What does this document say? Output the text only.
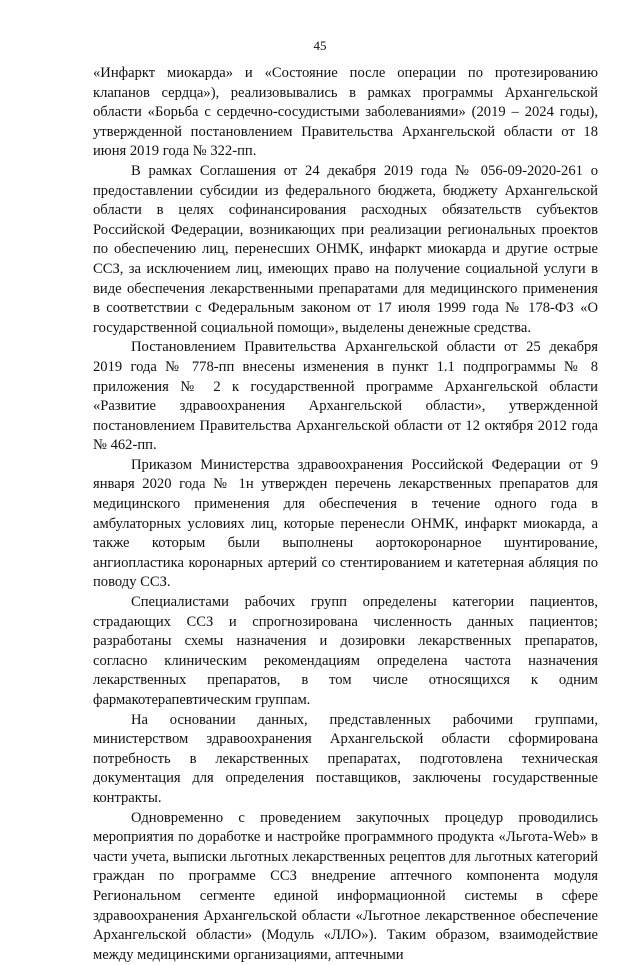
45

«Инфаркт миокарда» и «Состояние после операции по протезированию клапанов сердца»), реализовывались в рамках программы Архангельской области «Борьба с сердечно-сосудистыми заболеваниями» (2019 – 2024 годы), утвержденной постановлением Правительства Архангельской области от 18 июня 2019 года № 322-пп.

В рамках Соглашения от 24 декабря 2019 года № 056-09-2020-261 о предоставлении субсидии из федерального бюджета, бюджету Архангельской области в целях софинансирования расходных обязательств субъектов Российской Федерации, возникающих при реализации региональных проектов по обеспечению лиц, перенесших ОНМК, инфаркт миокарда и другие острые ССЗ, за исключением лиц, имеющих право на получение социальной услуги в виде обеспечения лекарственными препаратами для медицинского применения в соответствии с Федеральным законом от 17 июля 1999 года № 178-ФЗ «О государственной социальной помощи», выделены денежные средства.

Постановлением Правительства Архангельской области от 25 декабря 2019 года № 778-пп внесены изменения в пункт 1.1 подпрограммы № 8 приложения № 2 к государственной программе Архангельской области «Развитие здравоохранения Архангельской области», утвержденной постановлением Правительства Архангельской области от 12 октября 2012 года № 462-пп.

Приказом Министерства здравоохранения Российской Федерации от 9 января 2020 года № 1н утвержден перечень лекарственных препаратов для медицинского применения для обеспечения в течение одного года в амбулаторных условиях лиц, которые перенесли ОНМК, инфаркт миокарда, а также которым были выполнены аортокоронарное шунтирование, ангиопластика коронарных артерий со стентированием и катетерная абляция по поводу ССЗ.

Специалистами рабочих групп определены категории пациентов, страдающих ССЗ и спрогнозирована численность данных пациентов; разработаны схемы назначения и дозировки лекарственных препаратов, согласно клиническим рекомендациям определена частота назначения лекарственных препаратов, в том числе относящихся к одним фармакотерапевтическим группам.

На основании данных, представленных рабочими группами, министерством здравоохранения Архангельской области сформирована потребность в лекарственных препаратах, подготовлена техническая документация для определения поставщиков, заключены государственные контракты.

Одновременно с проведением закупочных процедур проводились мероприятия по доработке и настройке программного продукта «Льгота-Web» в части учета, выписки льготных лекарственных рецептов для льготных категорий граждан по программе ССЗ внедрение аптечного компонента модуля Региональном сегменте единой информационной системы в сфере здравоохранения Архангельской области «Льготное лекарственное обеспечение Архангельской области» (Модуль «ЛЛО»). Таким образом, взаимодействие между медицинскими организациями, аптечными
